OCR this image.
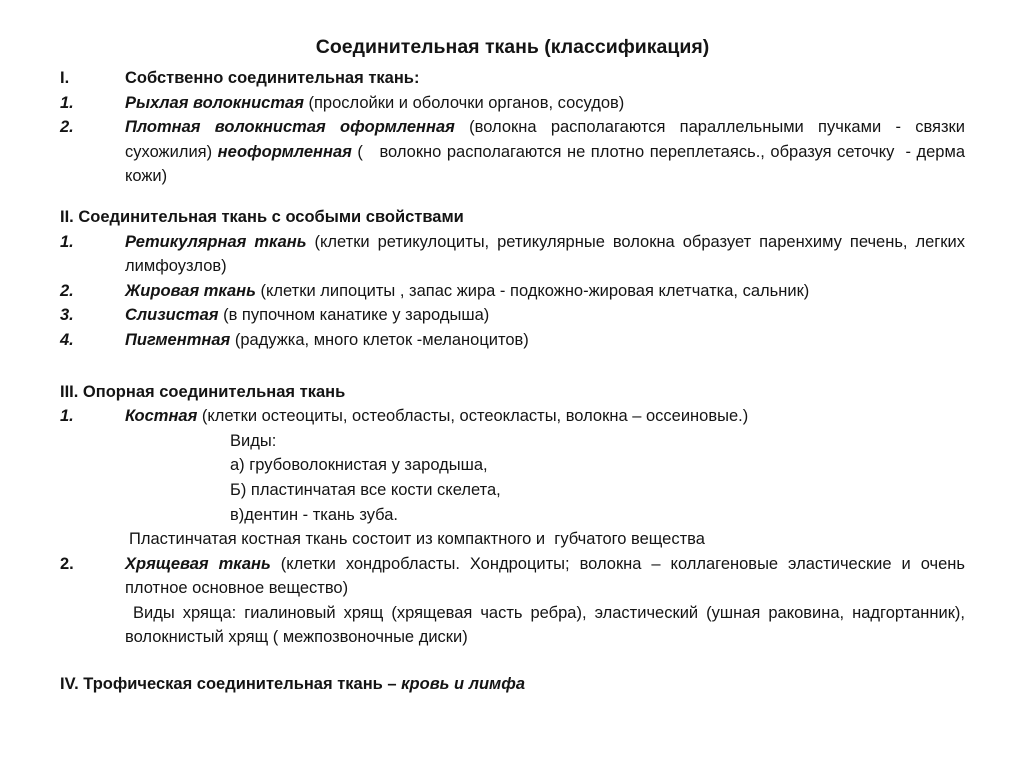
Соединительная ткань (классификация)
I.	Собственно соединительная ткань:
1.	Рыхлая волокнистая (прослойки и оболочки органов, сосудов)
2.	Плотная волокнистая оформленная (волокна располагаются параллельными пучками - связки сухожилия) неоформленная (   волокно располагаются не плотно переплетаясь., образуя сеточку  - дерма кожи)
II. Соединительная ткань с особыми свойствами
1.	Ретикулярная ткань (клетки ретикулоциты, ретикулярные волокна образует паренхиму печень, легких лимфоузлов)
2.	Жировая ткань (клетки липоциты , запас жира - подкожно-жировая клетчатка, сальник)
3.	Слизистая (в пупочном канатике у зародыша)
4.	Пигментная (радужка, много клеток -меланоцитов)
III. Опорная соединительная ткань
1.	Костная (клетки остеоциты, остеобласты, остеокласты, волокна – оссеиновые.)
Виды:
а) грубоволокнистая у зародыша,
Б) пластинчатая все кости скелета,
в)дентин - ткань зуба.
Пластинчатая костная ткань состоит из компактного и  губчатого вещества
2.	Хрящевая ткань (клетки хондробласты. Хондроциты; волокна – коллагеновые эластические и очень плотное основное вещество)
Виды хряща: гиалиновый хрящ (хрящевая часть ребра), эластический (ушная раковина, надгортанник), волокнистый хрящ ( межпозвоночные диски)
IV. Трофическая соединительная ткань – кровь и лимфа
